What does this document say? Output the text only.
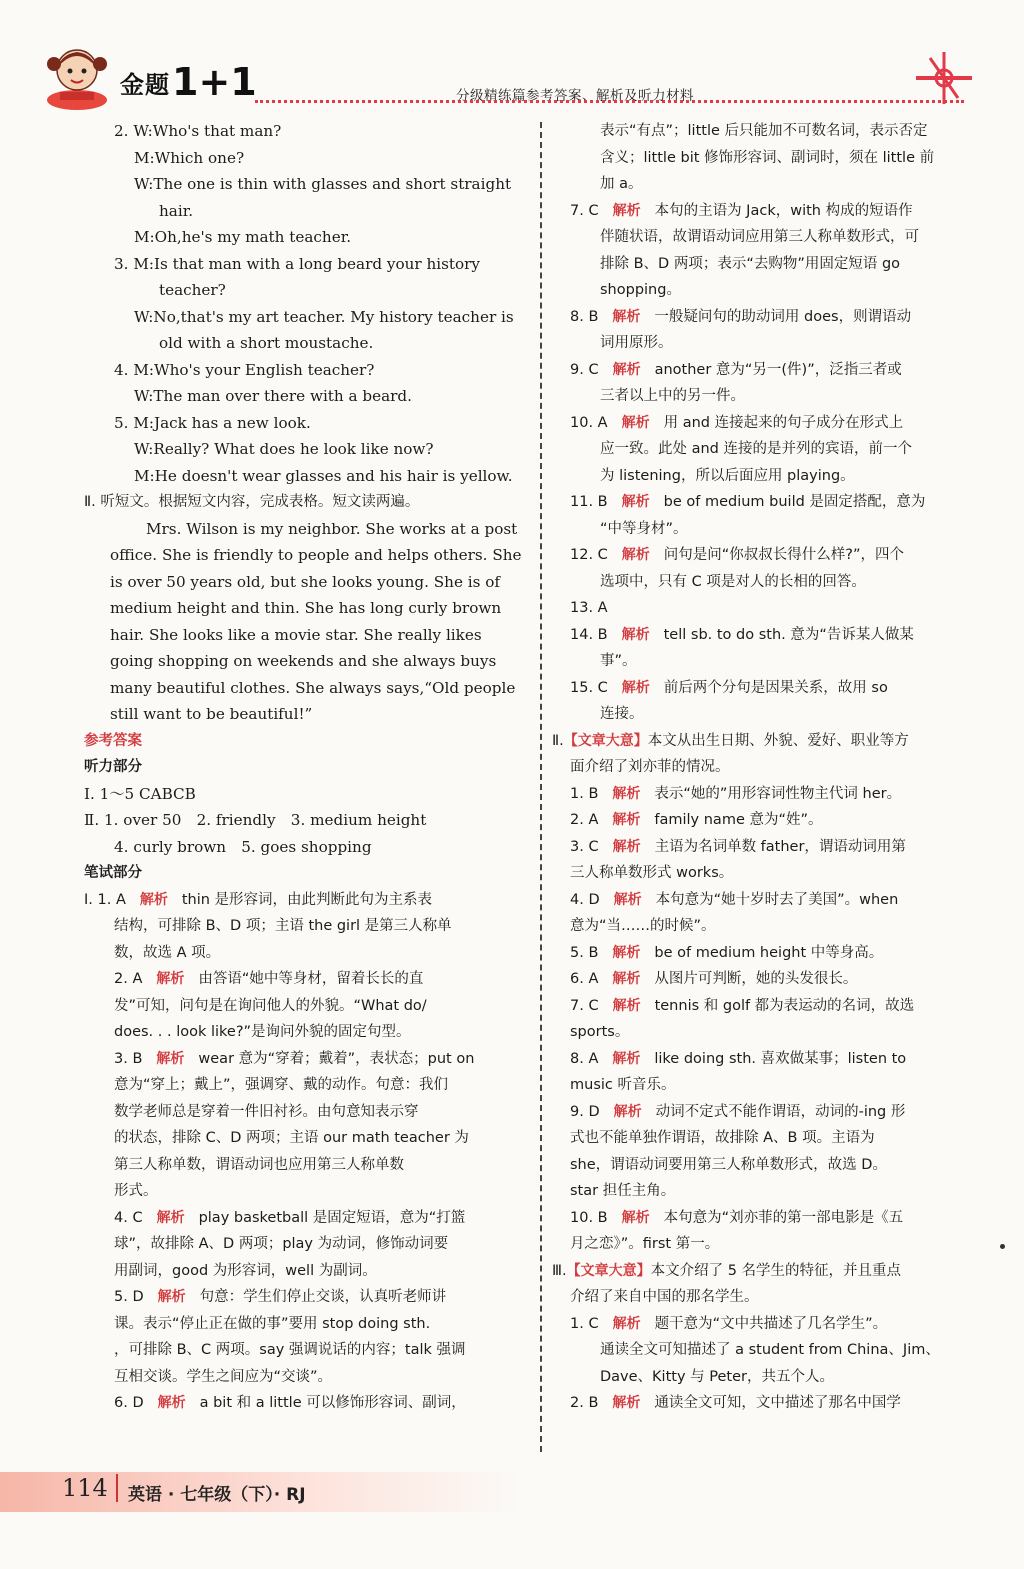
金题 1+1	分级精练篇参考答案、解析及听力材料
2. W:Who's that man?
M:Which one?
W:The one is thin with glasses and short straight
hair.
M:Oh,he's my math teacher.
3. M:Is that man with a long beard your history
teacher?
W:No,that's my art teacher. My history teacher is
old with a short moustache.
4. M:Who's your English teacher?
W:The man over there with a beard.
5. M:Jack has a new look.
W:Really? What does he look like now?
M:He doesn't wear glasses and his hair is yellow.
Ⅱ. 听短文。根据短文内容，完成表格。短文读两遍。
Mrs. Wilson is my neighbor. She works at a post
office. She is friendly to people and helps others. She
is over 50 years old, but she looks young. She is of
medium height and thin. She has long curly brown
hair. She looks like a movie star. She really likes
going shopping on weekends and she always buys
many beautiful clothes. She always says,“Old people
still want to be beautiful!”
参考答案
听力部分
Ⅰ. 1～5 CABCB
Ⅱ. 1. over 50　2. friendly　3. medium height
4. curly brown　5. goes shopping
笔试部分
Ⅰ. 1. A 解析 thin 是形容词，由此判断此句为主系表
结构，可排除 B、D 项；主语 the girl 是第三人称单
数，故选 A 项。
2. A 解析 由答语“她中等身材，留着长长的直
发”可知，问句是在询问他人的外貌。“What do/
does. . . look like?”是询问外貌的固定句型。
3. B 解析 wear 意为“穿着；戴着”，表状态；put on
意为“穿上；戴上”，强调穿、戴的动作。句意：我们
数学老师总是穿着一件旧衬衫。由句意知表示穿
的状态，排除 C、D 两项；主语 our math teacher 为
第三人称单数，谓语动词也应用第三人称单数
形式。
4. C 解析 play basketball 是固定短语，意为“打篮
球”，故排除 A、D 两项；play 为动词，修饰动词要
用副词，good 为形容词，well 为副词。
5. D 解析 句意：学生们停止交谈，认真听老师讲
课。表示“停止正在做的事”要用 stop doing sth.
，可排除 B、C 两项。say 强调说话的内容；talk 强调
互相交谈。学生之间应为“交谈”。
6. D 解析 a bit 和 a little 可以修饰形容词、副词，
表示“有点”；little 后只能加不可数名词，表示否定
含义；little bit 修饰形容词、副词时，须在 little 前
加 a。
7. C 解析 本句的主语为 Jack，with 构成的短语作
伴随状语，故谓语动词应用第三人称单数形式，可
排除 B、D 两项；表示“去购物”用固定短语 go
shopping。
8. B 解析 一般疑问句的助动词用 does，则谓语动
词用原形。
9. C 解析 another 意为“另一(件)”，泛指三者或
三者以上中的另一件。
10. A 解析 用 and 连接起来的句子成分在形式上
应一致。此处 and 连接的是并列的宾语，前一个
为 listening，所以后面应用 playing。
11. B 解析 be of medium build 是固定搭配，意为
“中等身材”。
12. C 解析 问句是问“你叔叔长得什么样?”，四个
选项中，只有 C 项是对人的长相的回答。
13. A
14. B 解析 tell sb. to do sth. 意为“告诉某人做某
事”。
15. C 解析 前后两个分句是因果关系，故用 so
连接。
Ⅱ.【文章大意】本文从出生日期、外貌、爱好、职业等方
面介绍了刘亦菲的情况。
1. B 解析 表示“她的”用形容词性物主代词 her。
2. A 解析 family name 意为“姓”。
3. C 解析 主语为名词单数 father，谓语动词用第
三人称单数形式 works。
4. D 解析 本句意为“她十岁时去了美国”。when
意为“当……的时候”。
5. B 解析 be of medium height 中等身高。
6. A 解析 从图片可判断，她的头发很长。
7. C 解析 tennis 和 golf 都为表运动的名词，故选
sports。
8. A 解析 like doing sth. 喜欢做某事；listen to
music 听音乐。
9. D 解析 动词不定式不能作谓语，动词的-ing 形
式也不能单独作谓语，故排除 A、B 项。主语为
she，谓语动词要用第三人称单数形式，故选 D。
star 担任主角。
10. B 解析 本句意为“刘亦菲的第一部电影是《五
月之恋》”。first 第一。
Ⅲ.【文章大意】本文介绍了 5 名学生的特征，并且重点
介绍了来自中国的那名学生。
1. C 解析 题干意为“文中共描述了几名学生”。
通读全文可知描述了 a student from China、Jim、
Dave、Kitty 与 Peter，共五个人。
2. B 解析 通读全文可知，文中描述了那名中国学
114	英语 · 七年级（下）· RJ
